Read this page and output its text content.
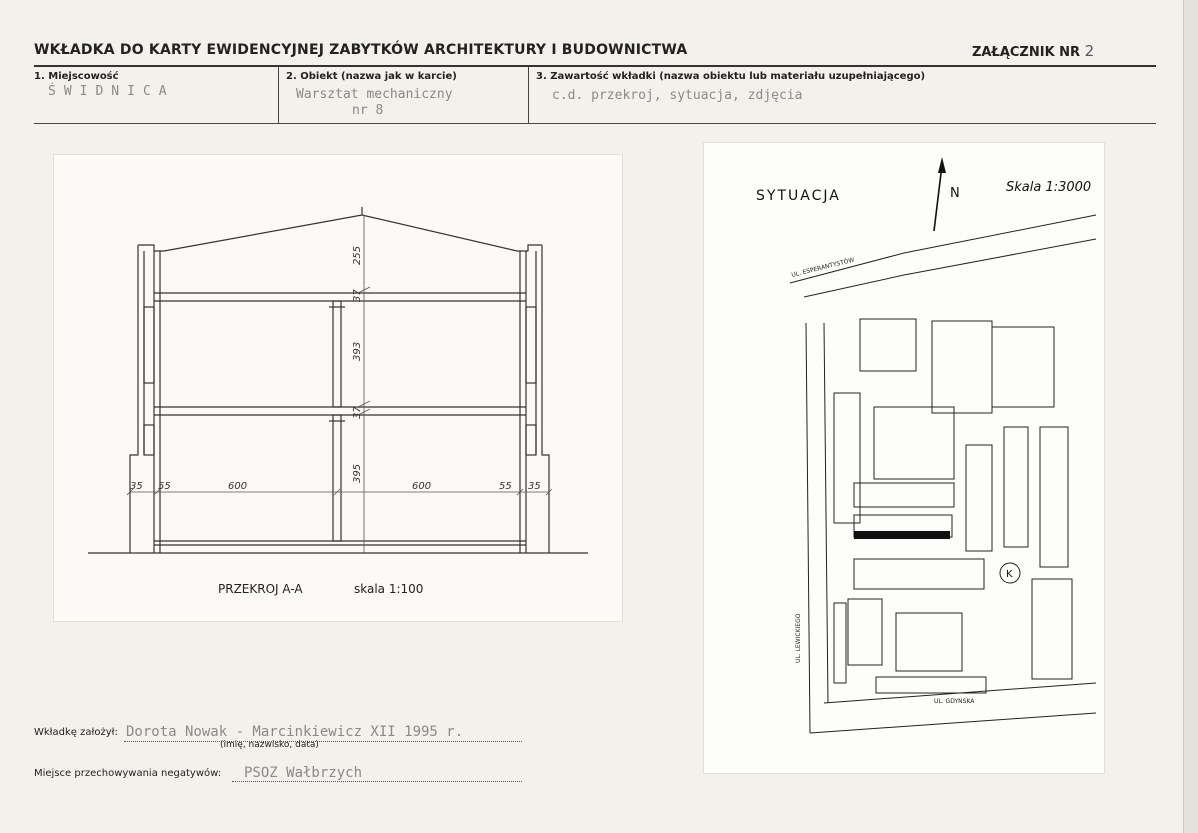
WKŁADKA DO KARTY EWIDENCYJNEJ ZABYTKÓW ARCHITEKTURY I BUDOWNICTWA	ZAŁĄCZNIK NR 2
1. Miejscowość
ŚWIDNICA
2. Obiekt (nazwa jak w karcie)
Warsztat mechaniczny
nr 8
3. Zawartość wkładki (nazwa obiektu lub materiału uzupełniającego)
c.d. przekroj, sytuacja, zdjęcia
255
37
393
37
395
35 55	600	600	55 35
PRZEKROJ A-A	skala 1:100
SYTUACJA	N	Skala 1:3000
K
UL. ESPERANTYSTÓW
UL. LEWICKIEGO
UL. GDYNSKA
Wkładkę założył: Dorota Nowak - Marcinkiewicz XII 1995 r.
(imię, nazwisko, data)
Miejsce przechowywania negatywów: PSOZ Wałbrzych
